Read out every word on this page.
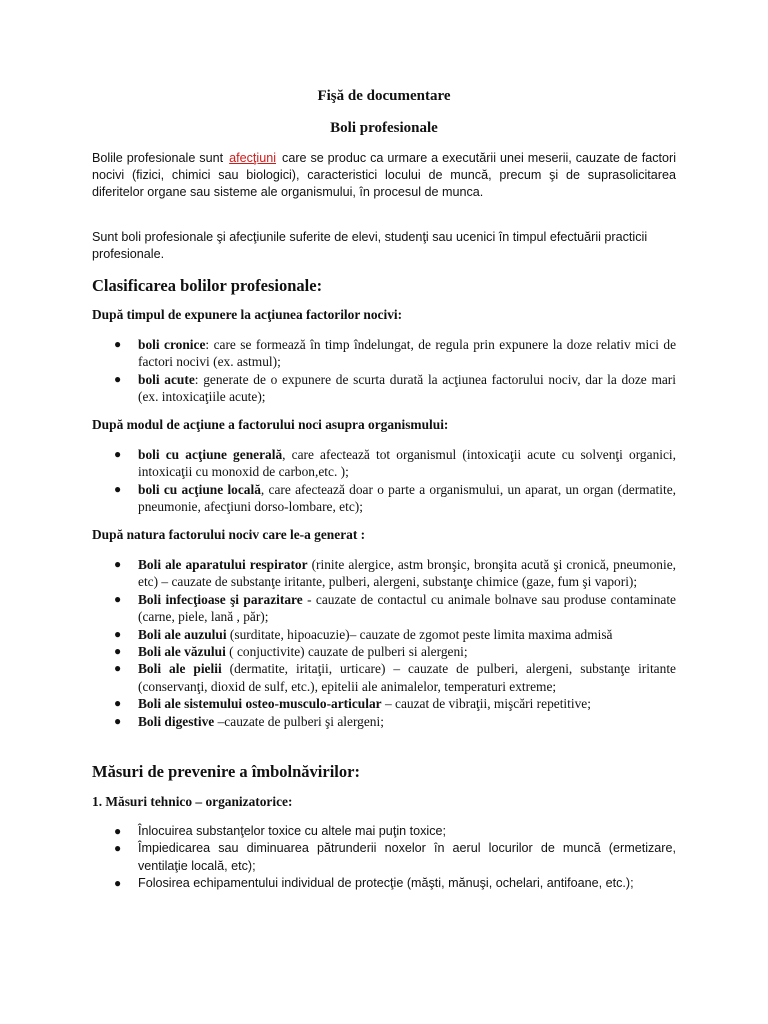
Fişă de documentare
Boli profesionale

Bolile profesionale sunt afecţiuni care se produc ca urmare a executării unei meserii, cauzate de factori nocivi (fizici, chimici sau biologici), caracteristici locului de muncă, precum şi de suprasolicitarea diferitelor organe sau sisteme ale organismului, în procesul de munca.

Sunt boli profesionale şi afecţiunile suferite de elevi, studenţi sau ucenici în timpul efectuării practicii profesionale.

Clasificarea bolilor profesionale:
După timpul de expunere la acţiunea factorilor nocivi:
● boli cronice: care se formează în timp îndelungat, de regula prin expunere la doze relativ mici de factori nocivi (ex. astmul);
● boli acute: generate de o expunere de scurta durată la acţiunea factorului nociv, dar la doze mari (ex. intoxicaţiile acute);
După modul de acţiune a factorului noci asupra organismului:
● boli cu acţiune generală, care afectează tot organismul (intoxicaţii acute cu solvenţi organici, intoxicaţii cu monoxid de carbon,etc. );
● boli cu acţiune locală, care afectează doar o parte a organismului, un aparat, un organ (dermatite, pneumonie, afecţiuni dorso-lombare, etc);
După natura factorului nociv care le-a generat :
● Boli ale aparatului respirator (rinite alergice, astm bronşic, bronşita acută şi cronică, pneumonie, etc) – cauzate de substanţe iritante, pulberi, alergeni, substanţe chimice (gaze, fum şi vapori);
● Boli infecţioase şi parazitare - cauzate de contactul cu animale bolnave sau produse contaminate (carne, piele, lană , păr);
● Boli ale auzului (surditate, hipoacuzie)– cauzate de zgomot peste limita maxima admisă
● Boli ale văzului ( conjuctivite) cauzate de pulberi si alergeni;
● Boli ale pielii (dermatite, iritaţii, urticare) – cauzate de pulberi, alergeni, substanţe iritante (conservanţi, dioxid de sulf, etc.), epitelii ale animalelor, temperaturi extreme;
● Boli ale sistemului osteo-musculo-articular – cauzat de vibraţii, mişcări repetitive;
● Boli digestive –cauzate de pulberi şi alergeni;
Măsuri de prevenire a îmbolnăvirilor:
1. Măsuri tehnico – organizatorice:
● Înlocuirea substanţelor toxice cu altele mai puţin toxice;
● Împiedicarea sau diminuarea pătrunderii noxelor în aerul locurilor de muncă (ermetizare, ventilaţie locală, etc);
● Folosirea echipamentului individual de protecţie (măşti, mănuşi, ochelari, antifoane, etc.);
